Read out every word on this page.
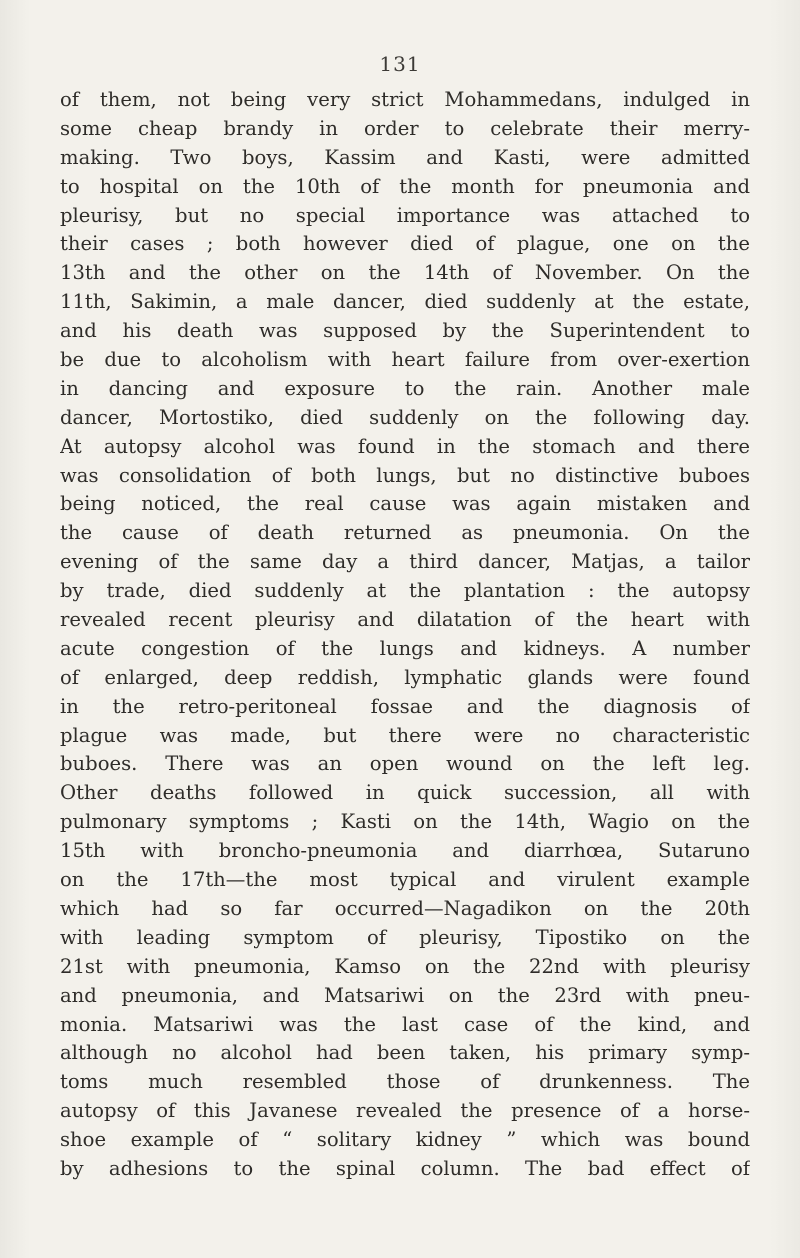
131
of them, not being very strict Mohammedans, indulged in
some cheap brandy in order to celebrate their merry-
making. Two boys, Kassim and Kasti, were admitted
to hospital on the 10th of the month for pneumonia and
pleurisy, but no special importance was attached to
their cases ; both however died of plague, one on the
13th and the other on the 14th of November. On the
11th, Sakimin, a male dancer, died suddenly at the estate,
and his death was supposed by the Superintendent to
be due to alcoholism with heart failure from over-exertion
in dancing and exposure to the rain. Another male
dancer, Mortostiko, died suddenly on the following day.
At autopsy alcohol was found in the stomach and there
was consolidation of both lungs, but no distinctive buboes
being noticed, the real cause was again mistaken and
the cause of death returned as pneumonia. On the
evening of the same day a third dancer, Matjas, a tailor
by trade, died suddenly at the plantation : the autopsy
revealed recent pleurisy and dilatation of the heart with
acute congestion of the lungs and kidneys. A number
of enlarged, deep reddish, lymphatic glands were found
in the retro-peritoneal fossae and the diagnosis of
plague was made, but there were no characteristic
buboes. There was an open wound on the left leg.
Other deaths followed in quick succession, all with
pulmonary symptoms ; Kasti on the 14th, Wagio on the
15th with broncho-pneumonia and diarrhœa, Sutaruno
on the 17th—the most typical and virulent example
which had so far occurred—Nagadikon on the 20th
with leading symptom of pleurisy, Tipostiko on the
21st with pneumonia, Kamso on the 22nd with pleurisy
and pneumonia, and Matsariwi on the 23rd with pneu-
monia. Matsariwi was the last case of the kind, and
although no alcohol had been taken, his primary symp-
toms much resembled those of drunkenness. The
autopsy of this Javanese revealed the presence of a horse-
shoe example of “ solitary kidney ” which was bound
by adhesions to the spinal column. The bad effect of
